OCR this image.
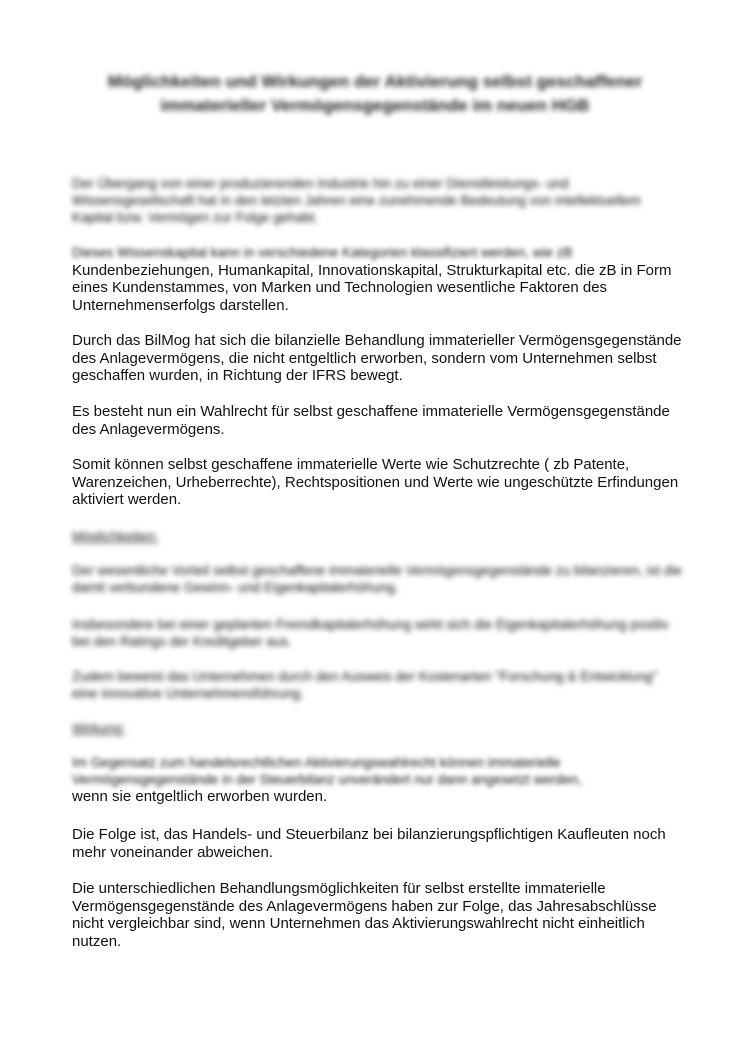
Möglichkeiten und Wirkungen der Aktivierung selbst geschaffener immaterieller Vermögensgegenstände im neuen HGB

Der Übergang von einer produzierenden Industrie hin zu einer Dienstleistungs- und Wissensgesellschaft hat in den letzten Jahren eine zunehmende Bedeutung von intellektuellem Kapital bzw. Vermögen zur Folge gehabt.

Dieses Wissenskapital kann in verschiedene Kategorien klassifiziert werden, wie zB
Kundenbeziehungen, Humankapital, Innovationskapital, Strukturkapital etc. die zB in Form eines Kundenstammes, von Marken und Technologien wesentliche Faktoren des Unternehmenserfolgs darstellen.

Durch das BilMog hat sich die bilanzielle Behandlung immaterieller Vermögensgegenstände des Anlagevermögens, die nicht entgeltlich erworben, sondern vom Unternehmen selbst geschaffen wurden, in Richtung der IFRS bewegt.

Es besteht nun ein Wahlrecht für selbst geschaffene immaterielle Vermögensgegenstände des Anlagevermögens.

Somit können selbst geschaffene immaterielle Werte wie Schutzrechte ( zb Patente, Warenzeichen, Urheberrechte), Rechtspositionen und Werte wie ungeschützte Erfindungen aktiviert werden.

Möglichkeiten:

Der wesentliche Vorteil selbst geschaffene immaterielle Vermögensgegenstände zu bilanzieren, ist die damit verbundene Gewinn- und Eigenkapitalerhöhung.

Insbesondere bei einer geplanten Fremdkapitalerhöhung wirkt sich die Eigenkapitalerhöhung positiv bei den Ratings der Kreditgeber aus.

Zudem beweist das Unternehmen durch den Ausweis der Kostenarten "Forschung & Entwicklung" eine innovative Unternehmensführung.

Wirkung:

Im Gegensatz zum handelsrechtlichen Aktivierungswahlrecht können immaterielle Vermögensgegenstände in der Steuerbilanz unverändert nur dann angesetzt werden,
wenn sie entgeltlich erworben wurden.

Die Folge ist, das Handels- und Steuerbilanz bei bilanzierungspflichtigen Kaufleuten noch mehr voneinander abweichen.

Die unterschiedlichen Behandlungsmöglichkeiten für selbst erstellte immaterielle Vermögensgegenstände des Anlagevermögens haben zur Folge, das Jahresabschlüsse nicht vergleichbar sind, wenn Unternehmen das Aktivierungswahlrecht nicht einheitlich nutzen.
